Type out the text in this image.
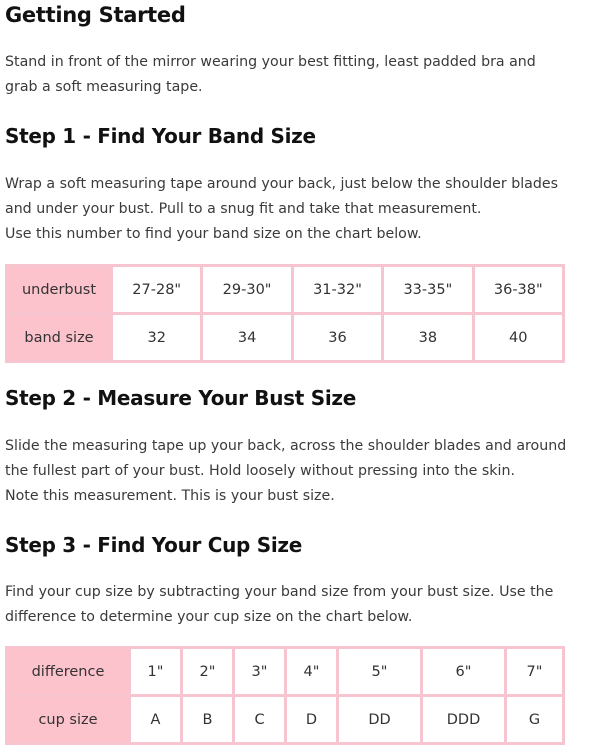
Getting Started

Stand in front of the mirror wearing your best fitting, least padded bra and
grab a soft measuring tape.

Step 1 - Find Your Band Size

Wrap a soft measuring tape around your back, just below the shoulder blades
and under your bust. Pull to a snug fit and take that measurement.
Use this number to find your band size on the chart below.

underbust	27-28"	29-30"	31-32"	33-35"	36-38"
band size	32	34	36	38	40
Step 2 - Measure Your Bust Size

Slide the measuring tape up your back, across the shoulder blades and around
the fullest part of your bust. Hold loosely without pressing into the skin.
Note this measurement. This is your bust size.

Step 3 - Find Your Cup Size

Find your cup size by subtracting your band size from your bust size. Use the
difference to determine your cup size on the chart below.

difference	1"	2"	3"	4"	5"	6"	7"
cup size	A	B	C	D	DD	DDD	G
